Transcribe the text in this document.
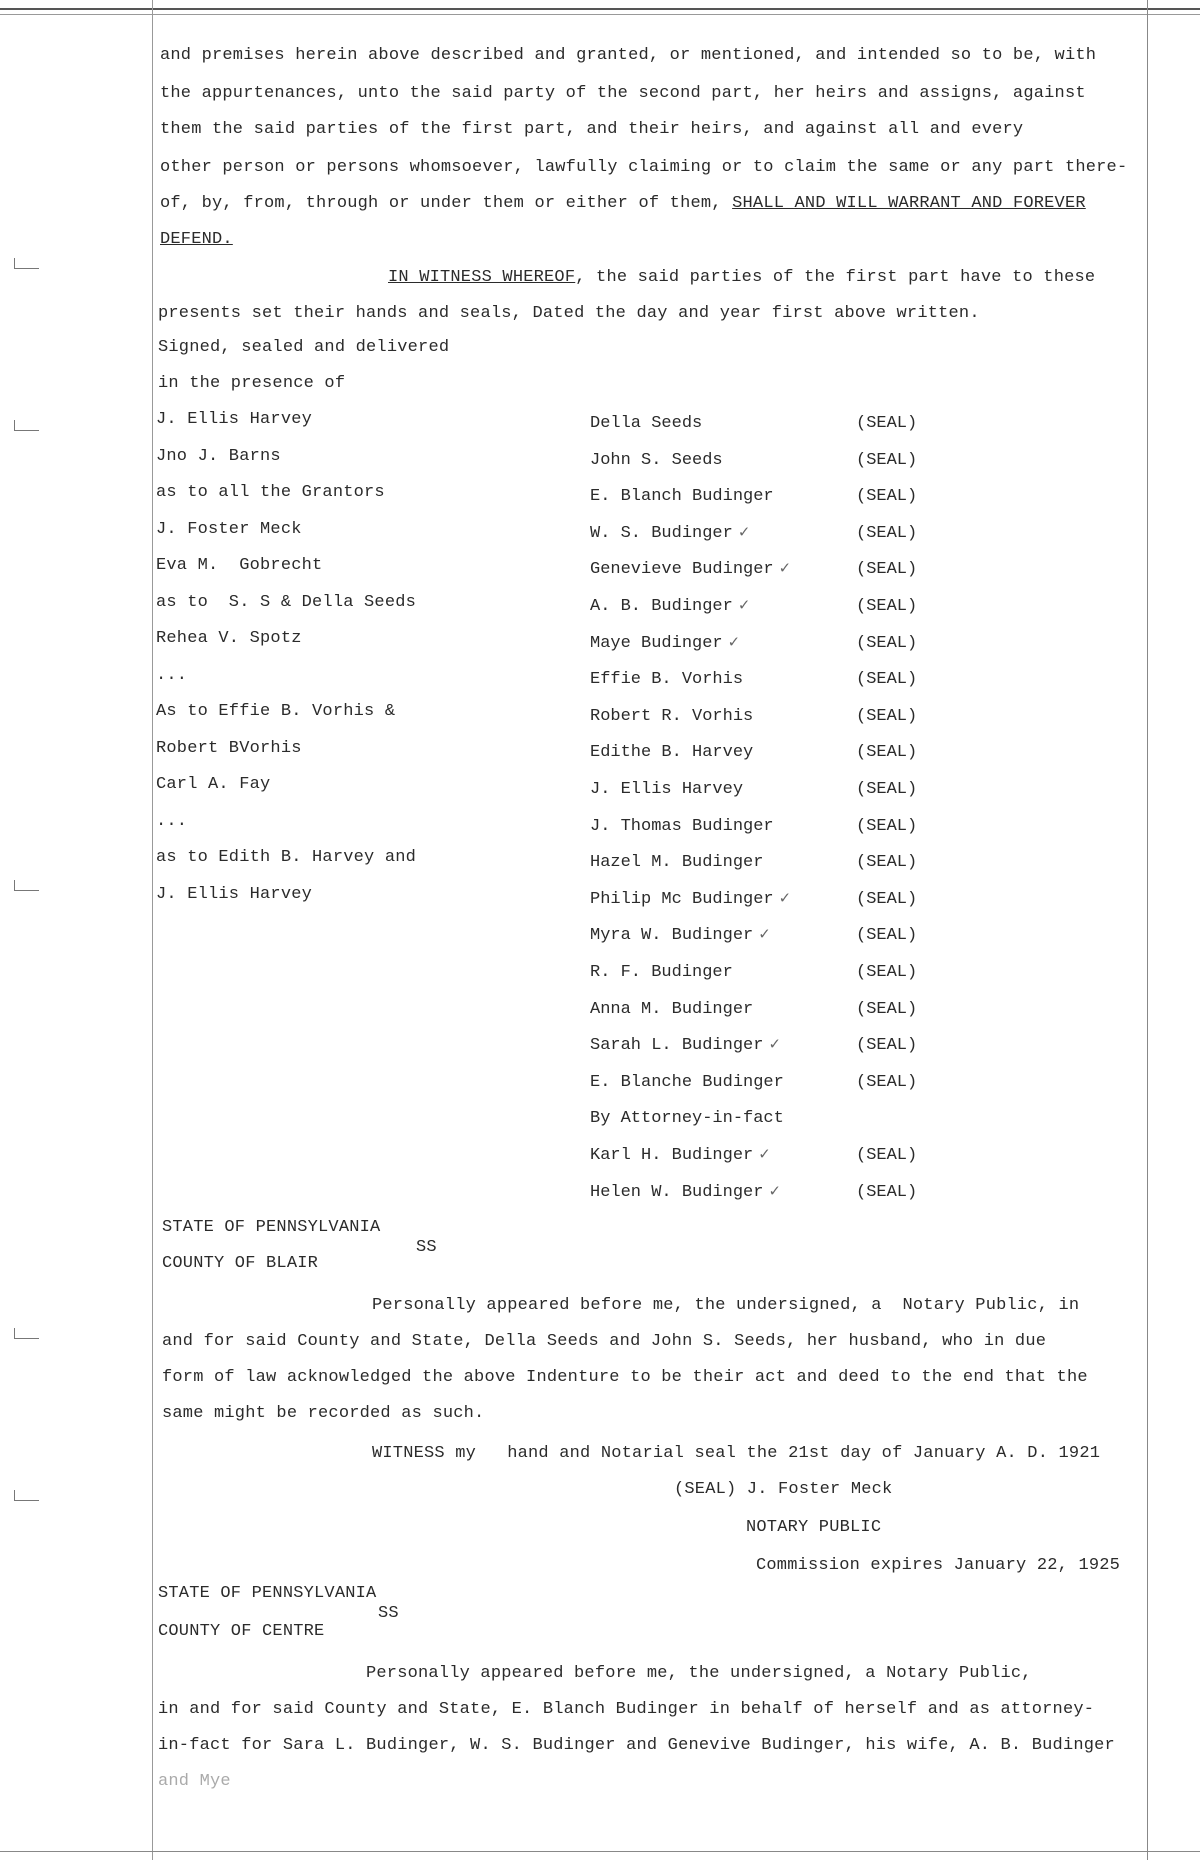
and premises herein above described and granted, or mentioned, and intended so to be, with
the appurtenances, unto the said party of the second part, her heirs and assigns, against
them the said parties of the first part, and their heirs, and against all and every
other person or persons whomsoever, lawfully claiming or to claim the same or any part there-
of, by, from, through or under them or either of them, SHALL AND WILL WARRANT AND FOREVER
DEFEND.
IN WITNESS WHEREOF, the said parties of the first part have to these
presents set their hands and seals, Dated the day and year first above written.
Signed, sealed and delivered
in the presence of
J. Ellis Harvey
Jno J. Barns
as to all the Grantors
J. Foster Meck
Eva M.  Gobrecht
as to  S. S & Della Seeds
Rehea V. Spotz
...
As to Effie B. Vorhis &
Robert BVorhis
Carl A. Fay
...
as to Edith B. Harvey and
J. Ellis Harvey
Della Seeds	(SEAL)
John S. Seeds	(SEAL)
E. Blanch Budinger	(SEAL)
W. S. Budinger ✓	(SEAL)
Genevieve Budinger ✓	(SEAL)
A. B. Budinger ✓	(SEAL)
Maye Budinger ✓	(SEAL)
Effie B. Vorhis	(SEAL)
Robert R. Vorhis	(SEAL)
Edithe B. Harvey	(SEAL)
J. Ellis Harvey	(SEAL)
J. Thomas Budinger	(SEAL)
Hazel M. Budinger	(SEAL)
Philip Mc Budinger ✓	(SEAL)
Myra W. Budinger ✓	(SEAL)
R. F. Budinger	(SEAL)
Anna M. Budinger	(SEAL)
Sarah L. Budinger ✓	(SEAL)
E. Blanche Budinger	(SEAL)
By Attorney-in-fact
Karl H. Budinger ✓	(SEAL)
Helen W. Budinger ✓	(SEAL)
STATE OF PENNSYLVANIA
SS
COUNTY OF BLAIR
Personally appeared before me, the undersigned, a  Notary Public, in
and for said County and State, Della Seeds and John S. Seeds, her husband, who in due
form of law acknowledged the above Indenture to be their act and deed to the end that the
same might be recorded as such.
WITNESS my   hand and Notarial seal the 21st day of January A. D. 1921
(SEAL) J. Foster Meck
NOTARY PUBLIC
Commission expires January 22, 1925
STATE OF PENNSYLVANIA
SS
COUNTY OF CENTRE
Personally appeared before me, the undersigned, a Notary Public,
in and for said County and State, E. Blanch Budinger in behalf of herself and as attorney-
in-fact for Sara L. Budinger, W. S. Budinger and Genevive Budinger, his wife, A. B. Budinger
and Mye
